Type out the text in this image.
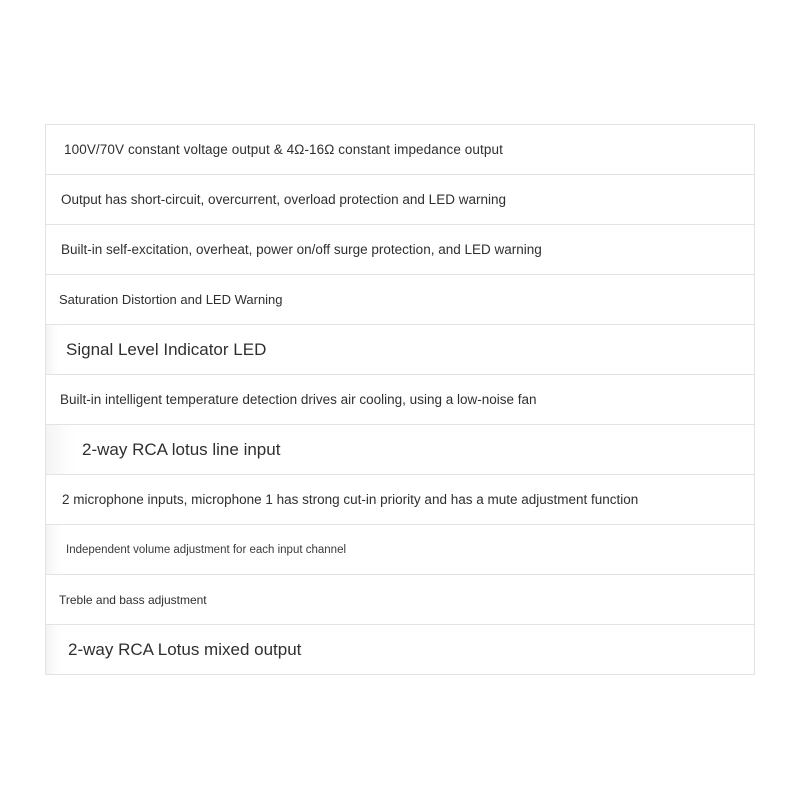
100V/70V constant voltage output & 4Ω-16Ω constant impedance output
Output has short-circuit, overcurrent, overload protection and LED warning
Built-in self-excitation, overheat, power on/off surge protection, and LED warning
Saturation Distortion and LED Warning
Signal Level Indicator LED
Built-in intelligent temperature detection drives air cooling, using a low-noise fan
2-way RCA lotus line input
2 microphone inputs, microphone 1 has strong cut-in priority and has a mute adjustment function
Independent volume adjustment for each input channel
Treble and bass adjustment
2-way RCA Lotus mixed output
